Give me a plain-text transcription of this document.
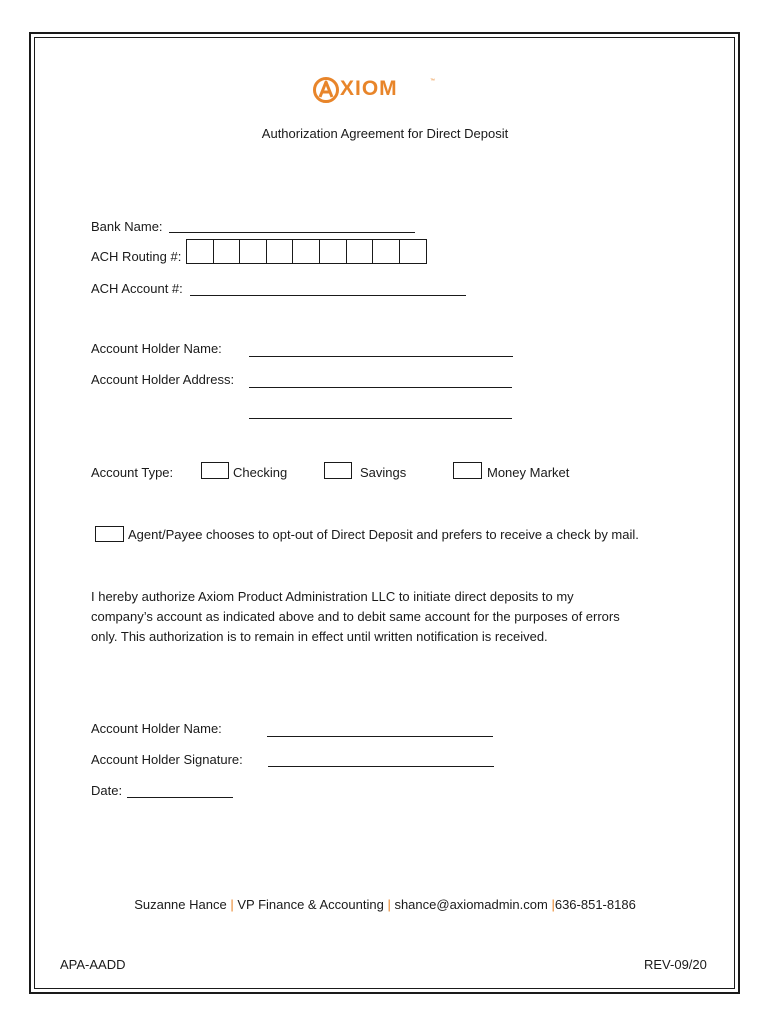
XIOM	™
Authorization Agreement for Direct Deposit
Bank Name:
ACH Routing #:
ACH Account #:
Account Holder Name:
Account Holder Address:
Account Type:	Checking	Savings	Money Market
Agent/Payee chooses to opt-out of Direct Deposit and prefers to receive a check by mail.
I hereby authorize Axiom Product Administration LLC to initiate direct deposits to my
company’s account as indicated above and to debit same account for the purposes of errors
only. This authorization is to remain in effect until written notification is received.
Account Holder Name:
Account Holder Signature:
Date:
Suzanne Hance | VP Finance & Accounting | shance@axiomadmin.com |636-851-8186
APA-AADD	REV-09/20
